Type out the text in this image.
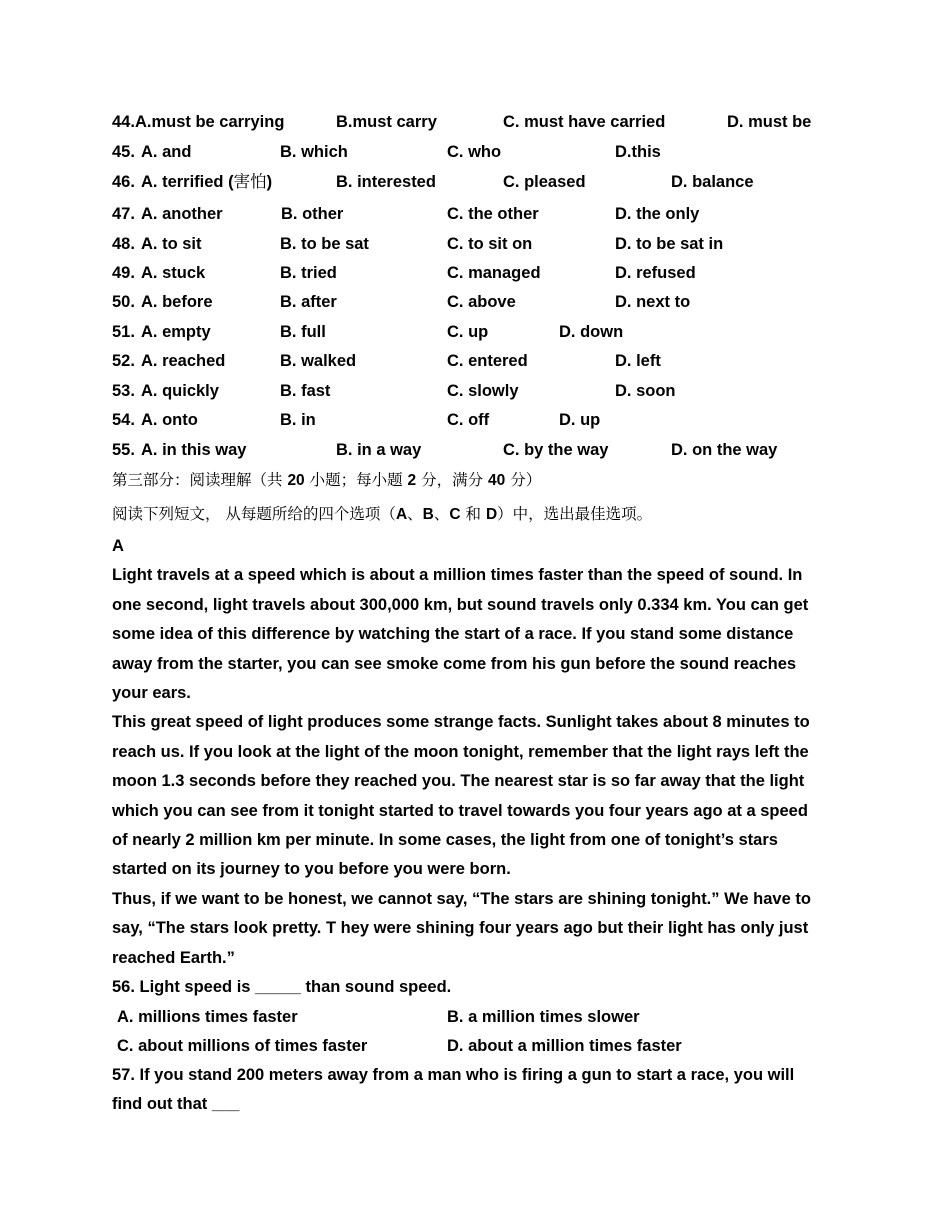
44. A.must be carrying	B.must carry	C. must have carried	D. must be
45. A. and	B. which	C. who	D.this
46. A. terrified (害怕)	B. interested	C. pleased	D. balance
47. A. another	B. other	C. the other	D. the only
48. A. to sit	B. to be sat	C. to sit on	D. to be sat in
49. A. stuck	B. tried	C. managed	D. refused
50. A. before	B. after	C. above	D. next to
51. A. empty	B. full	C. up	D. down
52. A. reached	B. walked	C. entered	D. left
53. A. quickly	B. fast	C. slowly	D. soon
54. A. onto	B. in	C. off	D. up
55. A. in this way	B. in a way	C. by the way	D. on the way
第三部分：阅读理解（共 20 小题；每小题 2 分，满分 40 分）
阅读下列短文， 从每题所给的四个选项（A、B、C 和 D）中，选出最佳选项。
A
Light travels at a speed which is about a million times faster than the speed of sound. In
one second, light travels about 300,000 km, but sound travels only 0.334 km. You can get
some idea of this difference by watching the start of a race. If you stand some distance
away from the starter, you can see smoke come from his gun before the sound reaches
your ears.
This great speed of light produces some strange facts. Sunlight takes about 8 minutes to
reach us. If you look at the light of the moon tonight, remember that the light rays left the
moon 1.3 seconds before they reached you. The nearest star is so far away that the light
which you can see from it tonight started to travel towards you four years ago at a speed
of nearly 2 million km per minute. In some cases, the light from one of tonight’s stars
started on its journey to you before you were born.
Thus, if we want to be honest, we cannot say, “The stars are shining tonight.” We have to
say, “The stars look pretty. T hey were shining four years ago but their light has only just
reached Earth.”
56. Light speed is _____ than sound speed.
A. millions times faster	B. a million times slower
C. about millions of times faster	D. about a million times faster
57. If you stand 200 meters away from a man who is firing a gun to start a race, you will
find out that ___
